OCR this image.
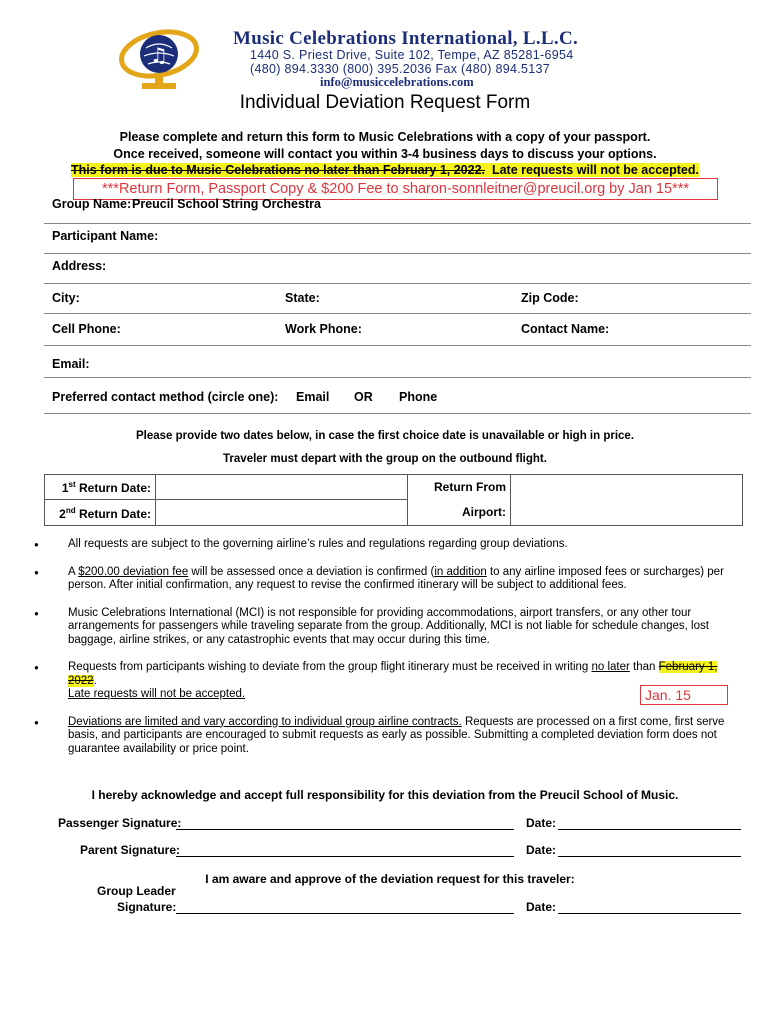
♫
Music Celebrations International, L.L.C.
1440 S. Priest Drive, Suite 102, Tempe, AZ 85281-6954
(480) 894.3330 (800) 395.2036 Fax (480) 894.5137
info@musiccelebrations.com
Individual Deviation Request Form
Please complete and return this form to Music Celebrations with a copy of your passport.
Once received, someone will contact you within 3-4 business days to discuss your options.
This form is due to Music Celebrations no later than February 1, 2022. Late requests will not be accepted.
***Return Form, Passport Copy & $200 Fee to sharon-sonnleitner@preucil.org by Jan 15***
Group Name: Preucil School String Orchestra
Participant Name:
Address:
City:	State:	Zip Code:
Cell Phone:	Work Phone:	Contact Name:
Email:
Preferred contact method (circle one): Email OR Phone
Please provide two dates below, in case the first choice date is unavailable or high in price.
Traveler must depart with the group on the outbound flight.
1st Return Date:
2nd Return Date:
Return From
Airport:
● All requests are subject to the governing airline’s rules and regulations regarding group deviations.
● A $200.00 deviation fee will be assessed once a deviation is confirmed (in addition to any airline imposed fees or surcharges) per person. After initial confirmation, any request to revise the confirmed itinerary will be subject to additional fees.
● Music Celebrations International (MCI) is not responsible for providing accommodations, airport transfers, or any other tour arrangements for passengers while traveling separate from the group. Additionally, MCI is not liable for schedule changes, lost baggage, airline strikes, or any catastrophic events that may occur during this time.
● Requests from participants wishing to deviate from the group flight itinerary must be received in writing no later than February 1, 2022.
Late requests will not be accepted.
● Deviations are limited and vary according to individual group airline contracts. Requests are processed on a first come, first serve basis, and participants are encouraged to submit requests as early as possible. Submitting a completed deviation form does not guarantee availability or price point.
Jan. 15
I hereby acknowledge and accept full responsibility for this deviation from the Preucil School of Music.
Passenger Signature:	Date:
Parent Signature:	Date:
I am aware and approve of the deviation request for this traveler:
Group Leader
Signature:	Date:
